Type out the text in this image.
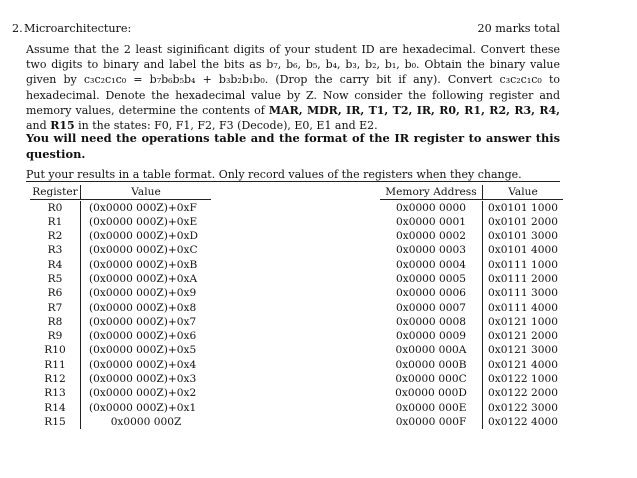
2. Microarchitecture:	20 marks total

Assume that the 2 least siginificant digits of your student ID are hexadecimal. Convert these two digits to binary and label the bits as b₇, b₆, b₅, b₄, b₃, b₂, b₁, b₀. Obtain the binary value given by c₃c₂c₁c₀ = b₇b₆b₅b₄ + b₃b₂b₁b₀. (Drop the carry bit if any). Convert c₃c₂c₁c₀ to hexadecimal. Denote the hexadecimal value by Z. Now consider the following register and memory values, determine the contents of MAR, MDR, IR, T1, T2, IR, R0, R1, R2, R3, R4, and R15 in the states: F0, F1, F2, F3 (Decode), E0, E1 and E2.

You will need the operations table and the format of the IR register to answer this question.

Put your results in a table format. Only record values of the registers when they change.

Register	Value
R0	(0x0000 000Z)+0xF
R1	(0x0000 000Z)+0xE
R2	(0x0000 000Z)+0xD
R3	(0x0000 000Z)+0xC
R4	(0x0000 000Z)+0xB
R5	(0x0000 000Z)+0xA
R6	(0x0000 000Z)+0x9
R7	(0x0000 000Z)+0x8
R8	(0x0000 000Z)+0x7
R9	(0x0000 000Z)+0x6
R10	(0x0000 000Z)+0x5
R11	(0x0000 000Z)+0x4
R12	(0x0000 000Z)+0x3
R13	(0x0000 000Z)+0x2
R14	(0x0000 000Z)+0x1
R15	0x0000 000Z
Memory Address	Value
0x0000 0000	0x0101 1000
0x0000 0001	0x0101 2000
0x0000 0002	0x0101 3000
0x0000 0003	0x0101 4000
0x0000 0004	0x0111 1000
0x0000 0005	0x0111 2000
0x0000 0006	0x0111 3000
0x0000 0007	0x0111 4000
0x0000 0008	0x0121 1000
0x0000 0009	0x0121 2000
0x0000 000A	0x0121 3000
0x0000 000B	0x0121 4000
0x0000 000C	0x0122 1000
0x0000 000D	0x0122 2000
0x0000 000E	0x0122 3000
0x0000 000F	0x0122 4000
